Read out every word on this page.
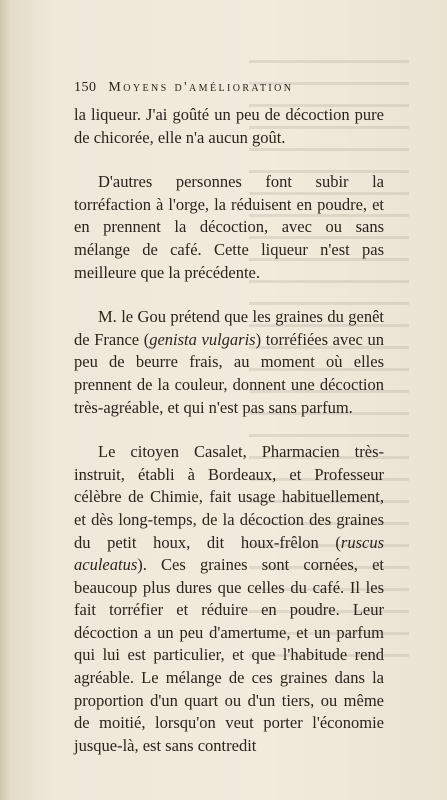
150 Moyens d'amélioration

la liqueur. J'ai goûté un peu de décoction pure de chicorée, elle n'a aucun goût.

D'autres personnes font subir la torréfaction à l'orge, la réduisent en poudre, et en prennent la décoction, avec ou sans mélange de café. Cette liqueur n'est pas meilleure que la précédente.

M. le Gou prétend que les graines du genêt de France (genista vulgaris) torréfiées avec un peu de beurre frais, au moment où elles prennent de la couleur, donnent une décoction très-agréable, et qui n'est pas sans parfum.

Le citoyen Casalet, Pharmacien très-instruit, établi à Bordeaux, et Professeur célèbre de Chimie, fait usage habituellement, et dès long-temps, de la décoction des graines du petit houx, dit houx-frêlon (ruscus aculeatus). Ces graines sont cornées, et beaucoup plus dures que celles du café. Il les fait torréfier et réduire en poudre. Leur décoction a un peu d'amertume, et un parfum qui lui est particulier, et que l'habitude rend agréable. Le mélange de ces graines dans la proportion d'un quart ou d'un tiers, ou même de moitié, lorsqu'on veut porter l'économie jusque-là, est sans contredit
